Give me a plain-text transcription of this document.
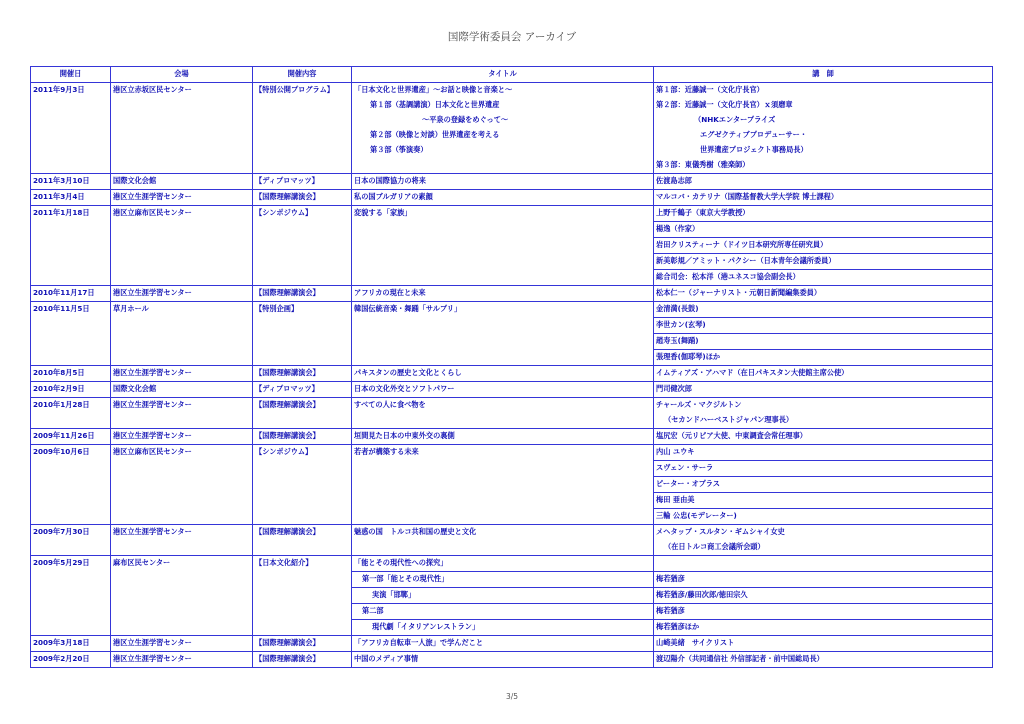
国際学術委員会 アーカイブ
開催日	会場	開催内容	タイトル	講　師
2011年9月3日	港区立赤坂区民センター	【特別公開プログラム】	「日本文化と世界遺産」〜お話と映像と音楽と〜	第１部：近藤誠一（文化庁長官）
			第１部（基調講演）日本文化と世界遺産	第２部：近藤誠一（文化庁長官）ｘ須磨章
			〜平泉の登録をめぐって〜	（NHKエンタープライズ
			第２部（映像と対談）世界遺産を考える	エグゼクティブプロデューサー・
			第３部（筝演奏）	世界遺産プロジェクト事務局長）
				第３部：東儀秀樹（雅楽師）
2011年3月10日	国際文化会館	【ディプロマッツ】	日本の国際協力の将来	佐渡島志郎
2011年3月4日	港区立生涯学習センター	【国際理解講演会】	私の国ブルガリアの素顔	マルコバ・カテリナ（国際基督教大学大学院 博士課程）
2011年1月18日	港区立麻布区民センター	【シンポジウム】	変貌する「家族」	上野千鶴子（東京大学教授）
				楊逸（作家）
				岩田クリスティーナ（ドイツ日本研究所専任研究員）
				新美彰規／アミット・パクシー（日本青年会議所委員）
				総合司会：松本洋（港ユネスコ協会副会長）
2010年11月17日	港区立生涯学習センター	【国際理解講演会】	アフリカの現在と未来	松本仁一（ジャーナリスト・元朝日新聞編集委員）
2010年11月5日	草月ホール	【特別企画】	韓国伝統音楽・舞踊「サルプリ」	金清満(長鼓)
				李世カン(玄琴)
				趙寿玉(舞踊)
				張理香(伽耶琴)ほか
2010年8月5日	港区立生涯学習センター	【国際理解講演会】	パキスタンの歴史と文化とくらし	イムティアズ・アハマド（在日パキスタン大使館主席公使）
2010年2月9日	国際文化会館	【ディプロマッツ】	日本の文化外交とソフトパワー	門司健次郎
2010年1月28日	港区立生涯学習センター	【国際理解講演会】	すべての人に食べ物を	チャールズ・マクジルトン
				（セカンドハーベストジャパン理事長）
2009年11月26日	港区立生涯学習センター	【国際理解講演会】	垣間見た日本の中東外交の裏側	塩尻宏（元リビア大使、中東調査会常任理事）
2009年10月6日	港区立麻布区民センター	【シンポジウム】	若者が構築する未来	内山 ユウキ
				スヴェン・サーラ
				ピーター・オプラス
				梅田 亜由美
				三輪 公忠(モデレーター)
2009年7月30日	港区立生涯学習センター	【国際理解講演会】	魅惑の国　トルコ共和国の歴史と文化	メヘタップ・スルタン・ギムシャイ女史
				（在日トルコ商工会議所会頭）
2009年5月29日	麻布区民センター	【日本文化紹介】	「能とその現代性への探究」	
			第一部「能とその現代性」	梅若猶彦
			実演「邯鄲」	梅若猶彦/藤田次郎/徳田宗久
			第二部	梅若猶彦
			現代劇「イタリアンレストラン」	梅若猶彦ほか
2009年3月18日	港区立生涯学習センター	【国際理解講演会】	「アフリカ自転車一人旅」で学んだこと	山崎美緒　サイクリスト
2009年2月20日	港区立生涯学習センター	【国際理解講演会】	中国のメディア事情	渡辺陽介（共同通信社 外信部記者・前中国総局長）
3/5
